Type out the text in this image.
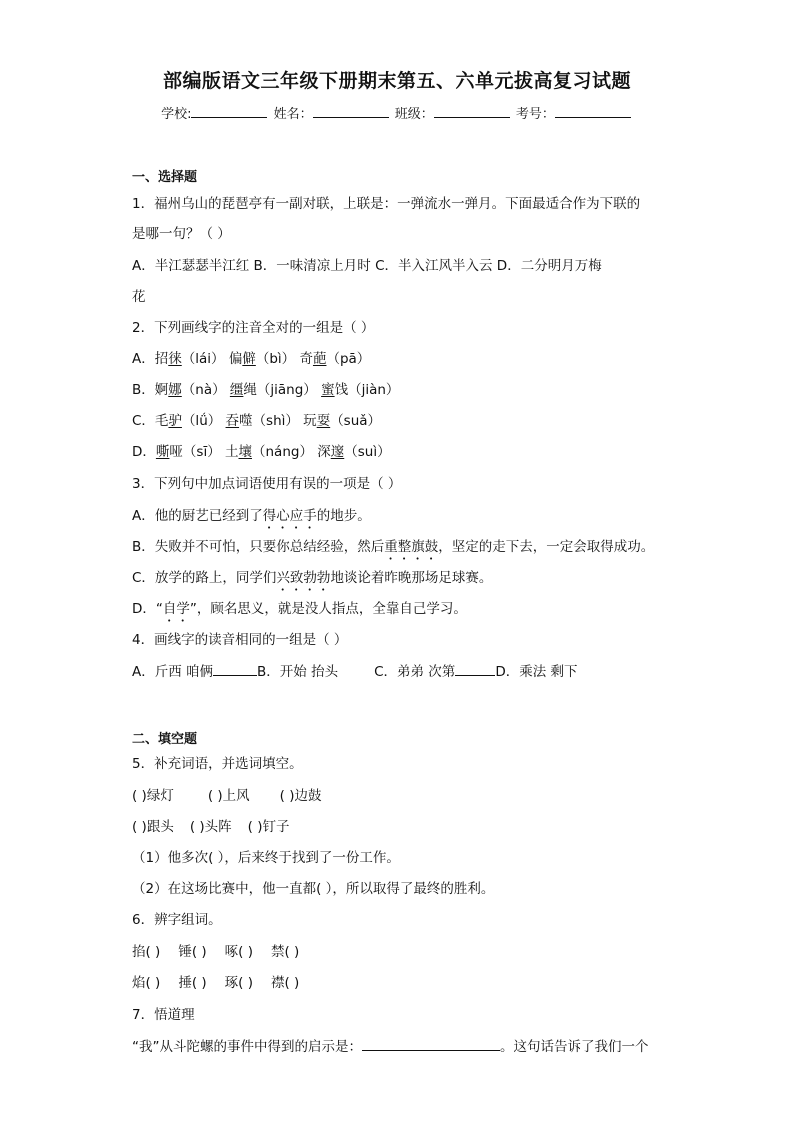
部编版语文三年级下册期末第五、六单元拔高复习试题
学校:	姓名：	班级：	考号：
一、选择题
1．福州乌山的琵琶亭有一副对联，上联是：一弹流水一弹月。下面最适合作为下联的
是哪一句？（ ）
A．半江瑟瑟半江红 B．一味清凉上月时 C．半入江风半入云 D．二分明月万梅
花
2．下列画线字的注音全对的一组是（ ）
A．招徕（lái） 偏僻（bì） 奇葩（pā）
B．婀娜（nà） 缰绳（jiāng） 蜜饯（jiàn）
C．毛驴（lǘ） 吞噬（shì） 玩耍（suǎ）
D．嘶哑（sī） 土壤（náng） 深邃（suì）
3．下列句中加点词语使用有误的一项是（ ）
A．他的厨艺已经到了得心应手的地步。
B．失败并不可怕，只要你总结经验，然后重整旗鼓，坚定的走下去，一定会取得成功。
C．放学的路上，同学们兴致勃勃地谈论着昨晚那场足球赛。
D．“自学”，顾名思义，就是没人指点，全靠自己学习。
4．画线字的读音相同的一组是（ ）
A．斤西 咱俩	B．开始 抬头	C．弟弟 次第	D．乘法 剩下
二、填空题
5．补充词语，并选词填空。
( )绿灯	( )上风 ( )边鼓
( )跟头 ( )头阵 ( )钉子
（1）他多次( ），后来终于找到了一份工作。
（2）在这场比赛中，他一直都( ），所以取得了最终的胜利。
6．辨字组词。
掐( ) 锤( ) 啄( ) 禁( )
焰( ) 捶( ) 琢( ) 襟( )
7．悟道理
“我”从斗陀螺的事件中得到的启示是：	。这句话告诉了我们一个
